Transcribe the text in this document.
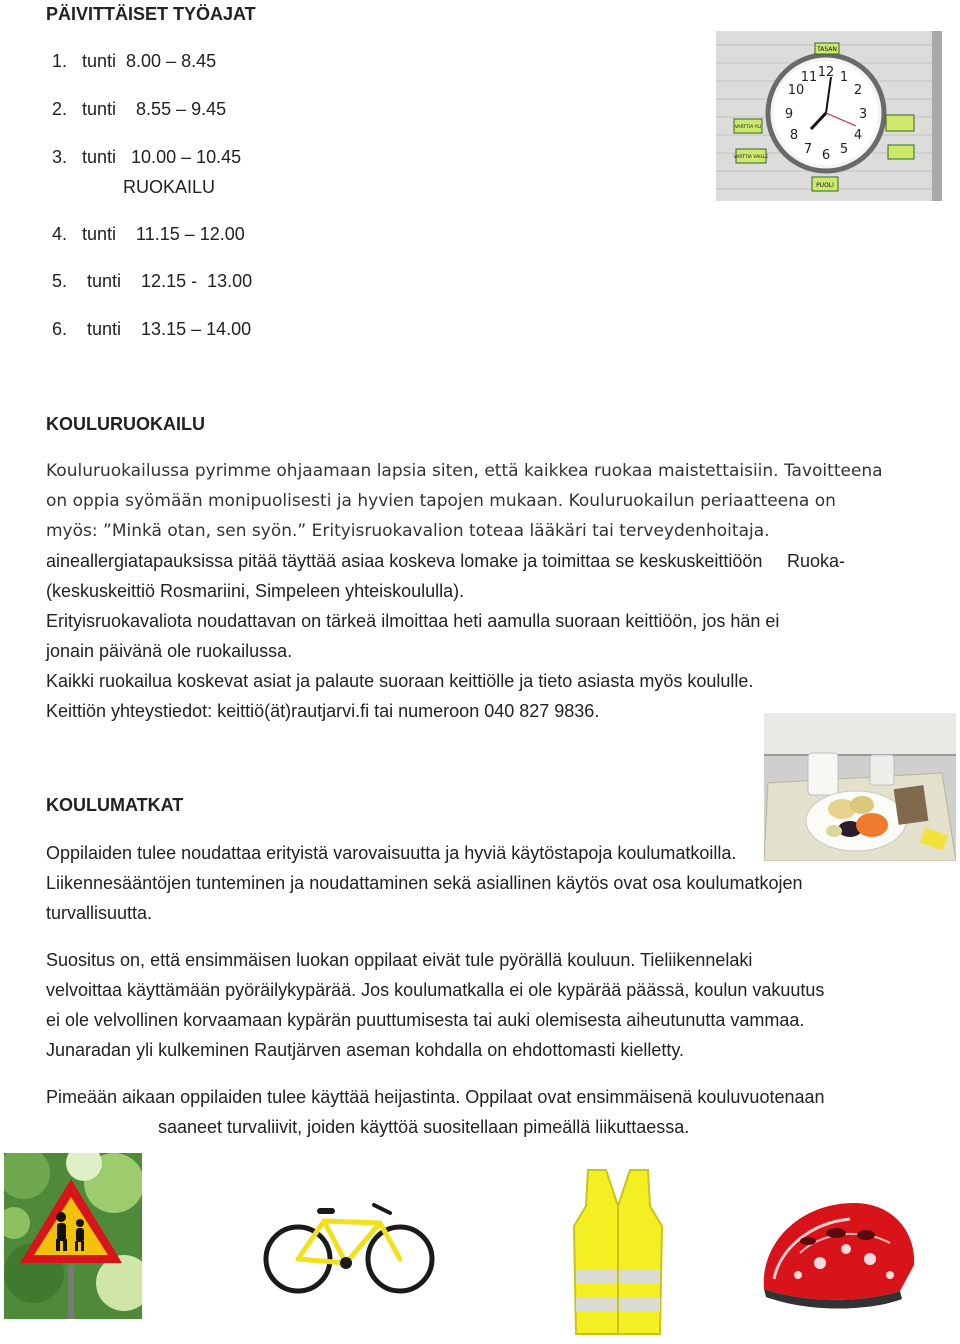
PÄIVITTÄISET TYÖAJAT
1.   tunti  8.00 – 8.45
2.   tunti    8.55 – 9.45
3.   tunti   10.00 – 10.45
RUOKAILU
4.   tunti    11.15 – 12.00
5.    tunti    12.15 -  13.00
6.    tunti    13.15 – 14.00
12 1
2
3
4
5
6
7
8
9
10
11
TASAN
VARTTIA YLI
VARTTIA VAILLE
PUOLI
KOULURUOKAILU
Kouluruokailussa pyrimme ohjaamaan lapsia siten, että kaikkea ruokaa maistettaisiin. Tavoitteena
on oppia syömään monipuolisesti ja hyvien tapojen mukaan. Kouluruokailun periaatteena on
myös: ”Minkä otan, sen syön.” Erityisruokavalion toteaa lääkäri tai terveydenhoitaja.
Ruoka-
aineallergiatapauksissa pitää täyttää asiaa koskeva lomake ja toimittaa se keskuskeittiöön
(keskuskeittiö Rosmariini, Simpeleen yhteiskoululla).
Erityisruokavaliota noudattavan on tärkeä ilmoittaa heti aamulla suoraan keittiöön, jos hän ei
jonain päivänä ole ruokailussa.
Kaikki ruokailua koskevat asiat ja palaute suoraan keittiölle ja tieto asiasta myös koululle.
Keittiön yhteystiedot: keittiö(ät)rautjarvi.fi tai numeroon 040 827 9836.
KOULUMATKAT
Oppilaiden tulee noudattaa erityistä varovaisuutta ja hyviä käytöstapoja koulumatkoilla.
Liikennesääntöjen tunteminen ja noudattaminen sekä asiallinen käytös ovat osa koulumatkojen
turvallisuutta.
Suositus on, että ensimmäisen luokan oppilaat eivät tule pyörällä kouluun. Tieliikennelaki
velvoittaa käyttämään pyöräilykypärää. Jos koulumatkalla ei ole kypärää päässä, koulun vakuutus
ei ole velvollinen korvaamaan kypärän puuttumisesta tai auki olemisesta aiheutunutta vammaa.
Junaradan yli kulkeminen Rautjärven aseman kohdalla on ehdottomasti kielletty.
Pimeään aikaan oppilaiden tulee käyttää heijastinta. Oppilaat ovat ensimmäisenä kouluvuotenaan
saaneet turvaliivit, joiden käyttöä suositellaan pimeällä liikuttaessa.
